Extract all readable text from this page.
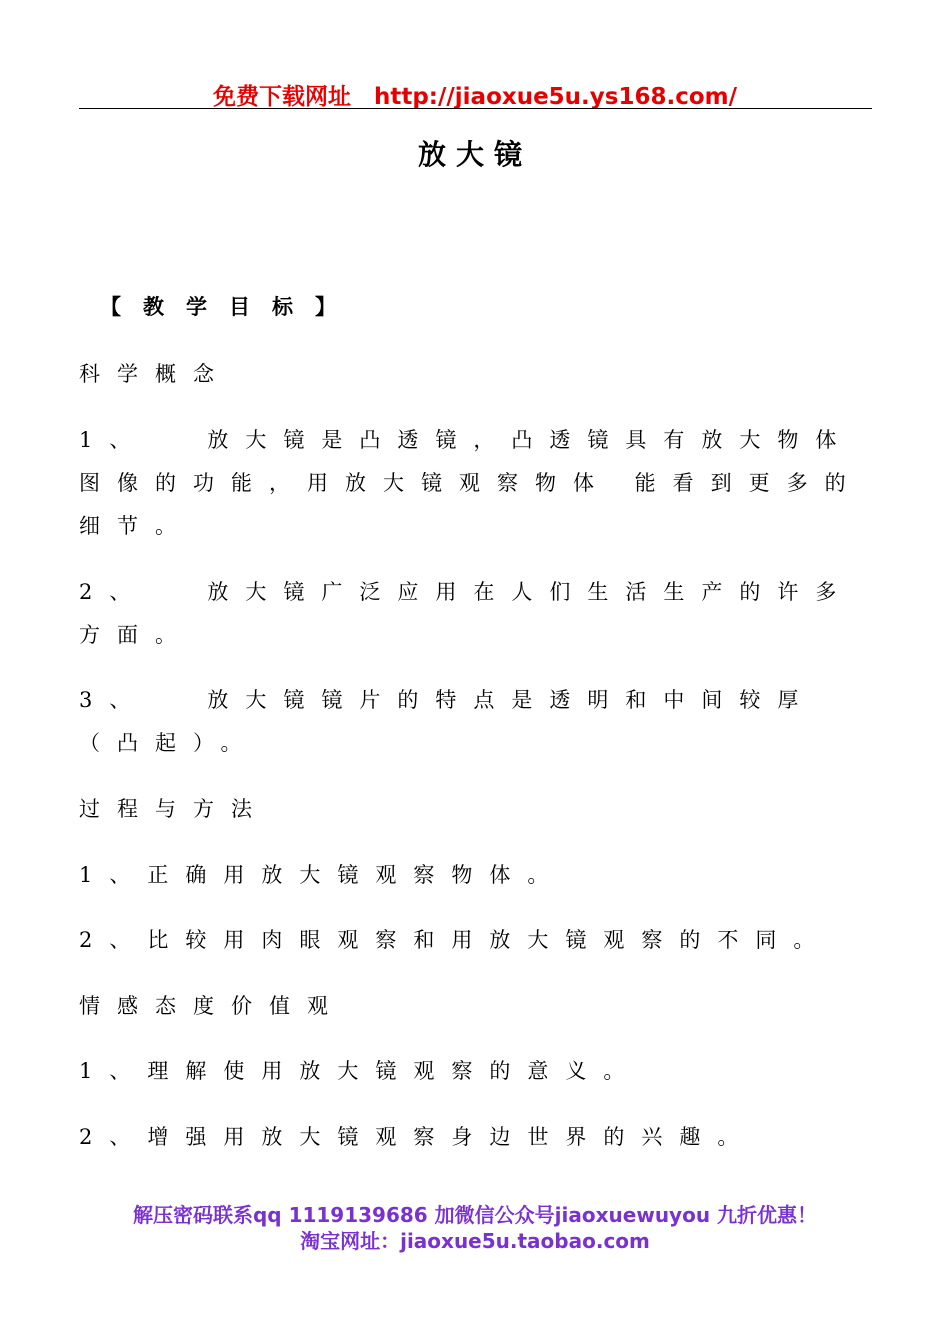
免费下载网址　http://jiaoxue5u.ys168.com/
放大镜
【教学目标】
科学概念
1、	放大镜是凸透镜，凸透镜具有放大物体
图像的功能，用放大镜观察物体 能看到更多的
细节。
2、	放大镜广泛应用在人们生活生产的许多
方面。
3、	放大镜镜片的特点是透明和中间较厚
（凸起）。
过程与方法
1、正确用放大镜观察物体。
2、比较用肉眼观察和用放大镜观察的不同。
情感态度价值观
1、理解使用放大镜观察的意义。
2、增强用放大镜观察身边世界的兴趣。
解压密码联系qq 1119139686 加微信公众号jiaoxuewuyou 九折优惠！
淘宝网址：jiaoxue5u.taobao.com
